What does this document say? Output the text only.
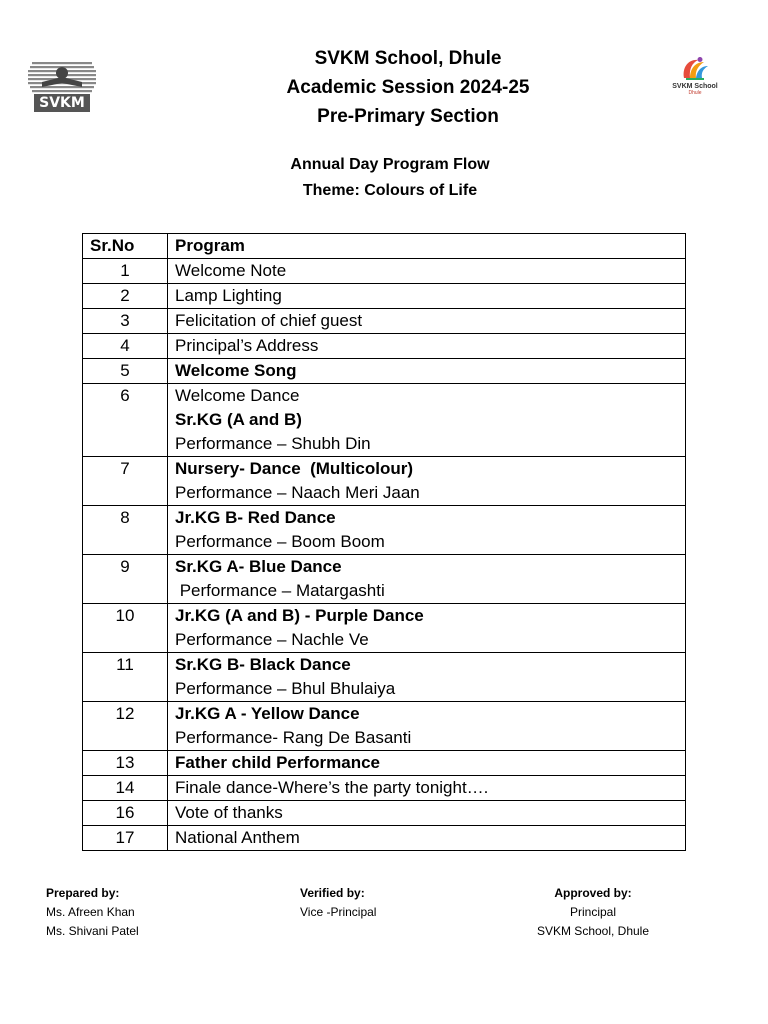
SVKM
SVKM School
Dhule
SVKM School, Dhule
Academic Session 2024-25
Pre-Primary Section
Annual Day Program Flow
Theme: Colours of Life
Sr.No	Program
1	Welcome Note

2	Lamp Lighting

3	Felicitation of chief guest

4	Principal’s Address

5	Welcome Song

6	Welcome Dance
Sr.KG (A and B)
Performance – Shubh Din

7	Nursery- Dance  (Multicolour)
Performance – Naach Meri Jaan

8	Jr.KG B- Red Dance
Performance – Boom Boom

9	Sr.KG A- Blue Dance
Performance – Matargashti

10	Jr.KG (A and B) - Purple Dance
Performance – Nachle Ve

11	Sr.KG B- Black Dance
Performance – Bhul Bhulaiya

12	Jr.KG A - Yellow Dance
Performance- Rang De Basanti

13	Father child Performance

14	Finale dance-Where’s the party tonight….

16	Vote of thanks

17	National Anthem
Prepared by:
Ms. Afreen Khan
Ms. Shivani Patel
Verified by:
Vice -Principal
Approved by:
Principal
SVKM School, Dhule
